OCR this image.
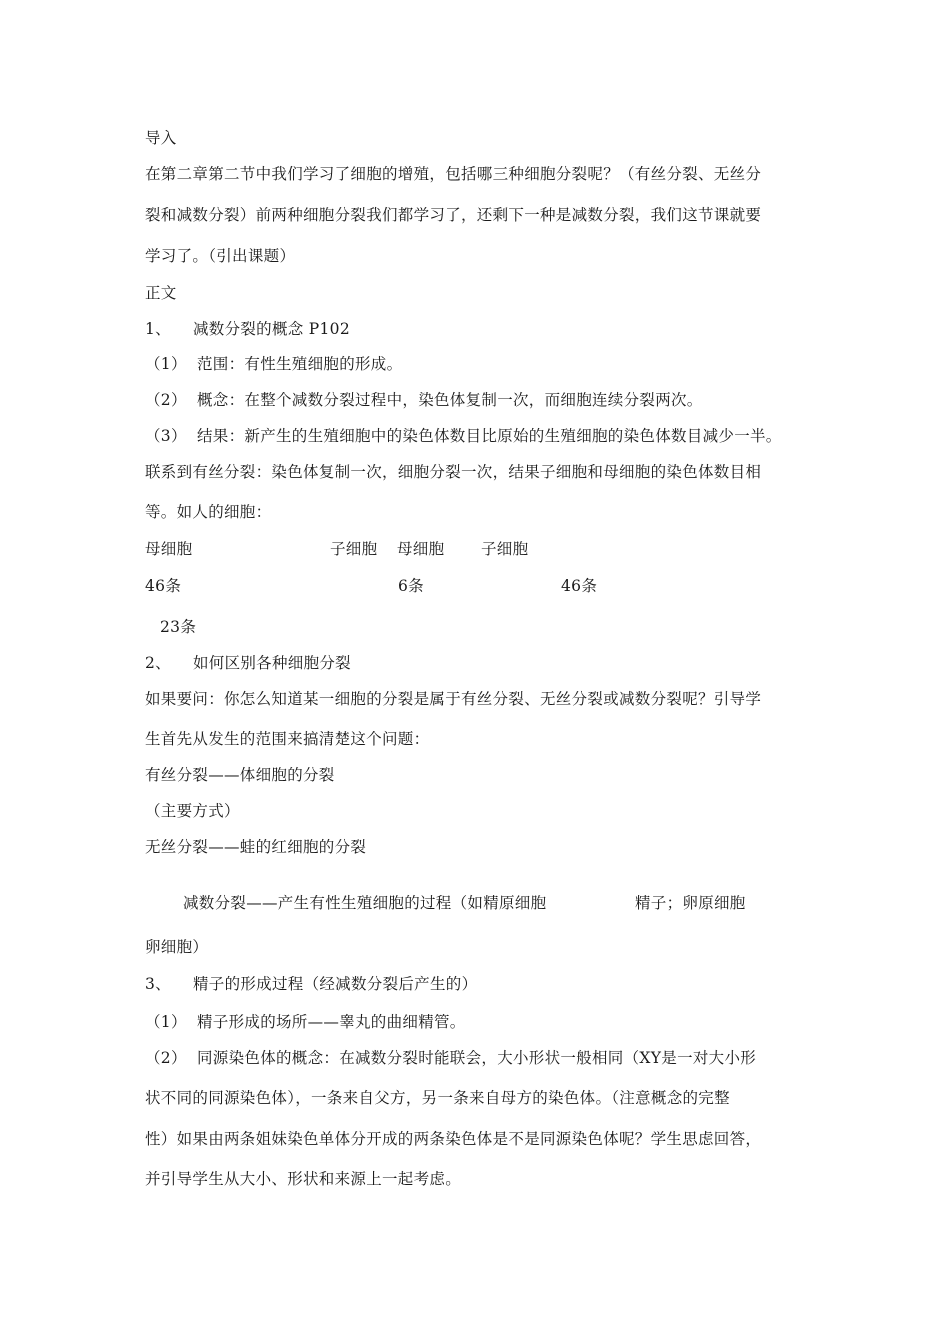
导入
在第二章第二节中我们学习了细胞的增殖，包括哪三种细胞分裂呢？（有丝分裂、无丝分
裂和减数分裂）前两种细胞分裂我们都学习了，还剩下一种是减数分裂，我们这节课就要
学习了。（引出课题）
正文
1、 减数分裂的概念 P102
（1） 范围：有性生殖细胞的形成。
（2） 概念：在整个减数分裂过程中，染色体复制一次，而细胞连续分裂两次。
（3） 结果：新产生的生殖细胞中的染色体数目比原始的生殖细胞的染色体数目减少一半。
联系到有丝分裂：染色体复制一次，细胞分裂一次，结果子细胞和母细胞的染色体数目相
等。如人的细胞：
母细胞	子细胞 母细胞 子细胞
46条	6条	46条
23条
2、 如何区别各种细胞分裂
如果要问：你怎么知道某一细胞的分裂是属于有丝分裂、无丝分裂或减数分裂呢？引导学
生首先从发生的范围来搞清楚这个问题：
有丝分裂——体细胞的分裂
（主要方式）
无丝分裂——蛙的红细胞的分裂
减数分裂——产生有性生殖细胞的过程（如精原细胞	精子；卵原细胞
卵细胞）
3、 精子的形成过程（经减数分裂后产生的）
（1） 精子形成的场所——睾丸的曲细精管。
（2） 同源染色体的概念：在减数分裂时能联会，大小形状一般相同（XY是一对大小形
状不同的同源染色体），一条来自父方，另一条来自母方的染色体。（注意概念的完整
性）如果由两条姐妹染色单体分开成的两条染色体是不是同源染色体呢？学生思虑回答，
并引导学生从大小、形状和来源上一起考虑。
